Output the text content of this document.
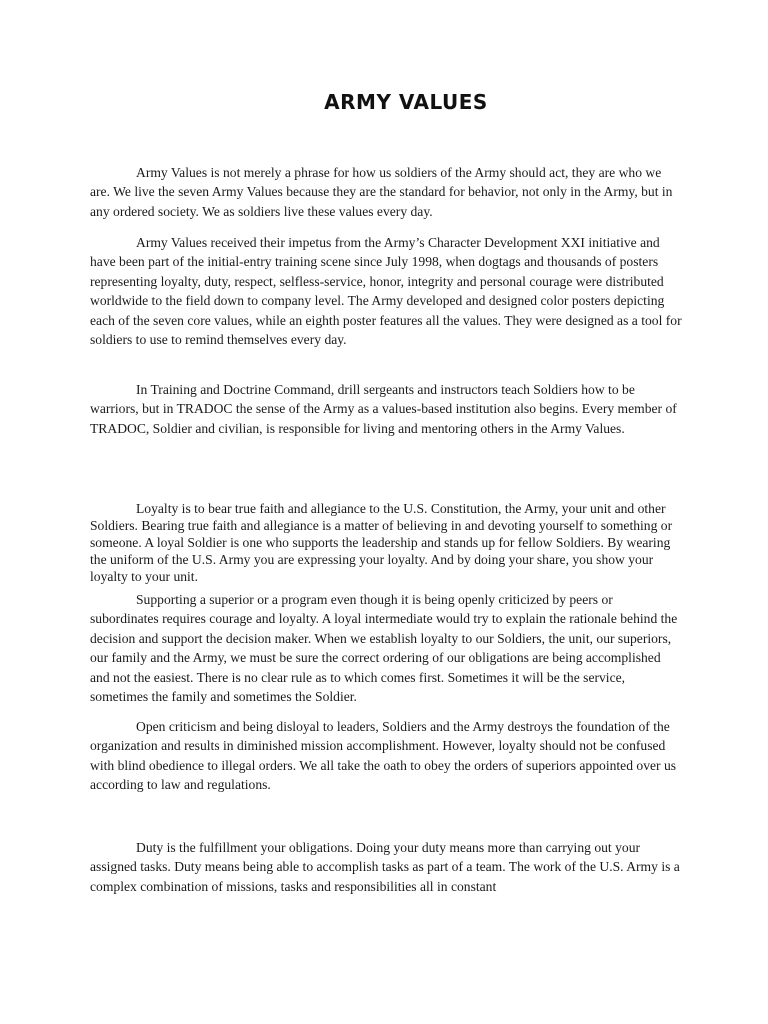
ARMY VALUES

Army Values is not merely a phrase for how us soldiers of the Army should act, they are who we are. We live the seven Army Values because they are the standard for behavior, not only in the Army, but in any ordered society. We as soldiers live these values every day.

Army Values received their impetus from the Army’s Character Development XXI initiative and have been part of the initial-entry training scene since July 1998, when dogtags and thousands of posters representing loyalty, duty, respect, selfless-service, honor, integrity and personal courage were distributed worldwide to the field down to company level. The Army developed and designed color posters depicting each of the seven core values, while an eighth poster features all the values. They were designed as a tool for soldiers to use to remind themselves every day.

In Training and Doctrine Command, drill sergeants and instructors teach Soldiers how to be warriors, but in TRADOC the sense of the Army as a values-based institution also begins. Every member of TRADOC, Soldier and civilian, is responsible for living and mentoring others in the Army Values.

Loyalty is to bear true faith and allegiance to the U.S. Constitution, the Army, your unit and other Soldiers. Bearing true faith and allegiance is a matter of believing in and devoting yourself to something or someone. A loyal Soldier is one who supports the leadership and stands up for fellow Soldiers. By wearing the uniform of the U.S. Army you are expressing your loyalty. And by doing your share, you show your loyalty to your unit.

Supporting a superior or a program even though it is being openly criticized by peers or subordinates requires courage and loyalty. A loyal intermediate would try to explain the rationale behind the decision and support the decision maker. When we establish loyalty to our Soldiers, the unit, our superiors, our family and the Army, we must be sure the correct ordering of our obligations are being accomplished and not the easiest. There is no clear rule as to which comes first. Sometimes it will be the service, sometimes the family and sometimes the Soldier.

Open criticism and being disloyal to leaders, Soldiers and the Army destroys the foundation of the organization and results in diminished mission accomplishment. However, loyalty should not be confused with blind obedience to illegal orders. We all take the oath to obey the orders of superiors appointed over us according to law and regulations.

Duty is the fulfillment your obligations. Doing your duty means more than carrying out your assigned tasks. Duty means being able to accomplish tasks as part of a team. The work of the U.S. Army is a complex combination of missions, tasks and responsibilities all in constant
